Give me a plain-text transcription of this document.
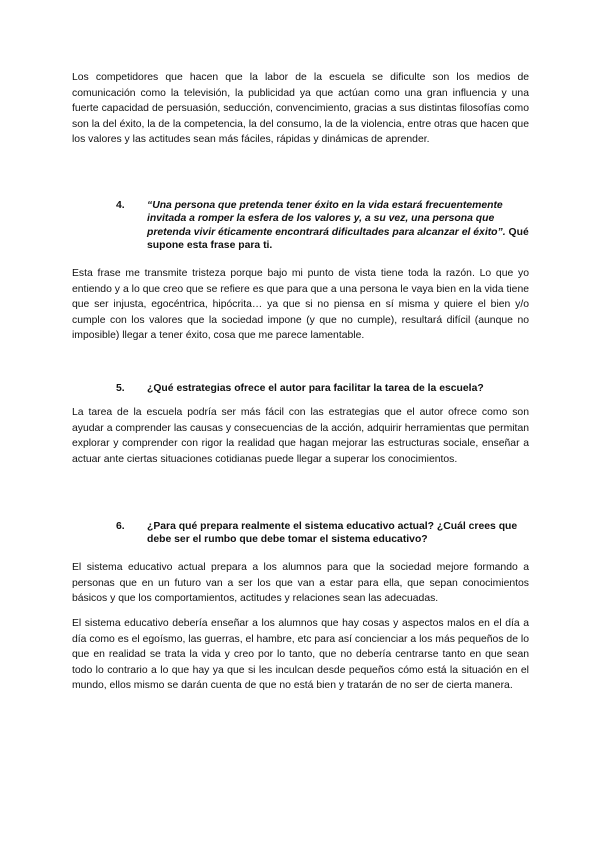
Los competidores que hacen que la labor de la escuela se dificulte son los medios de comunicación como la televisión, la publicidad ya que actúan como una gran influencia y una fuerte capacidad de persuasión, seducción, convencimiento, gracias a sus distintas filosofías como son la del éxito, la de la competencia, la del consumo, la de la violencia, entre otras que hacen que los valores y las actitudes sean más fáciles, rápidas y dinámicas de aprender.

4. “Una persona que pretenda tener éxito en la vida estará frecuentemente invitada a romper la esfera de los valores y, a su vez, una persona que pretenda vivir éticamente encontrará dificultades para alcanzar el éxito”. Qué supone esta frase para ti.

Esta frase me transmite tristeza porque bajo mi punto de vista tiene toda la razón. Lo que yo entiendo y a lo que creo que se refiere es que para que a una persona le vaya bien en la vida tiene que ser injusta, egocéntrica, hipócrita… ya que si no piensa en sí misma y quiere el bien y/o cumple con los valores que la sociedad impone (y que no cumple), resultará difícil (aunque no imposible) llegar a tener éxito, cosa que me parece lamentable.

5. ¿Qué estrategias ofrece el autor para facilitar la tarea de la escuela?

La tarea de la escuela podría ser más fácil con las estrategias que el autor ofrece como son ayudar a comprender las causas y consecuencias de la acción, adquirir herramientas que permitan explorar y comprender con rigor la realidad que hagan mejorar las estructuras sociale, enseñar a actuar ante ciertas situaciones cotidianas puede llegar a superar los conocimientos.

6. ¿Para qué prepara realmente el sistema educativo actual? ¿Cuál crees que debe ser el rumbo que debe tomar el sistema educativo?

El sistema educativo actual prepara a los alumnos para que la sociedad mejore formando a personas que en un futuro van a ser los que van a estar para ella, que sepan conocimientos básicos y que los comportamientos, actitudes y relaciones sean las adecuadas.

El sistema educativo debería enseñar a los alumnos que hay cosas y aspectos malos en el día a día como es el egoísmo, las guerras, el hambre, etc para así concienciar a los más pequeños de lo que en realidad se trata la vida y creo por lo tanto, que no debería centrarse tanto en que sean todo lo contrario a lo que hay ya que si les inculcan desde pequeños cómo está la situación en el mundo, ellos mismo se darán cuenta de que no está bien y tratarán de no ser de cierta manera.
